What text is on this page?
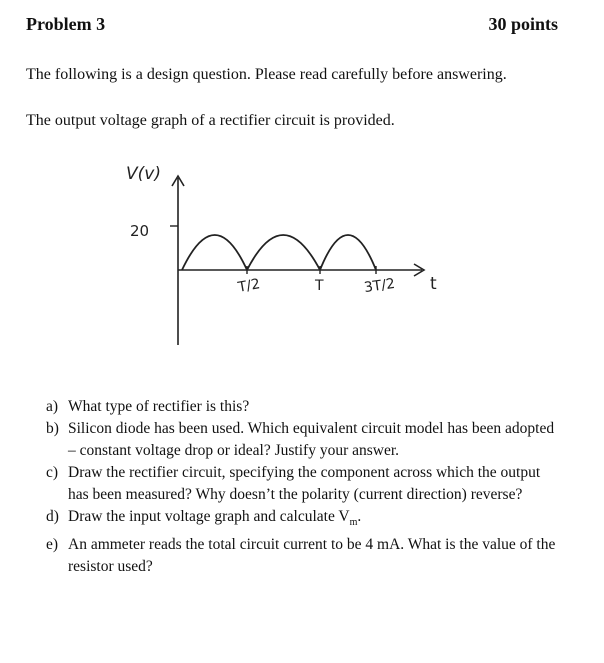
Problem 3	30 points
The following is a design question. Please read carefully before answering.
The output voltage graph of a rectifier circuit is provided.
V(v)
20
T/2	T	3T/2 t
a) What type of rectifier is this?
b) Silicon diode has been used. Which equivalent circuit model has been adopted – constant voltage drop or ideal? Justify your answer.
c) Draw the rectifier circuit, specifying the component across which the output has been measured? Why doesn’t the polarity (current direction) reverse?
d) Draw the input voltage graph and calculate $V_m$.
e) An ammeter reads the total circuit current to be 4 mA. What is the value of the resistor used?
